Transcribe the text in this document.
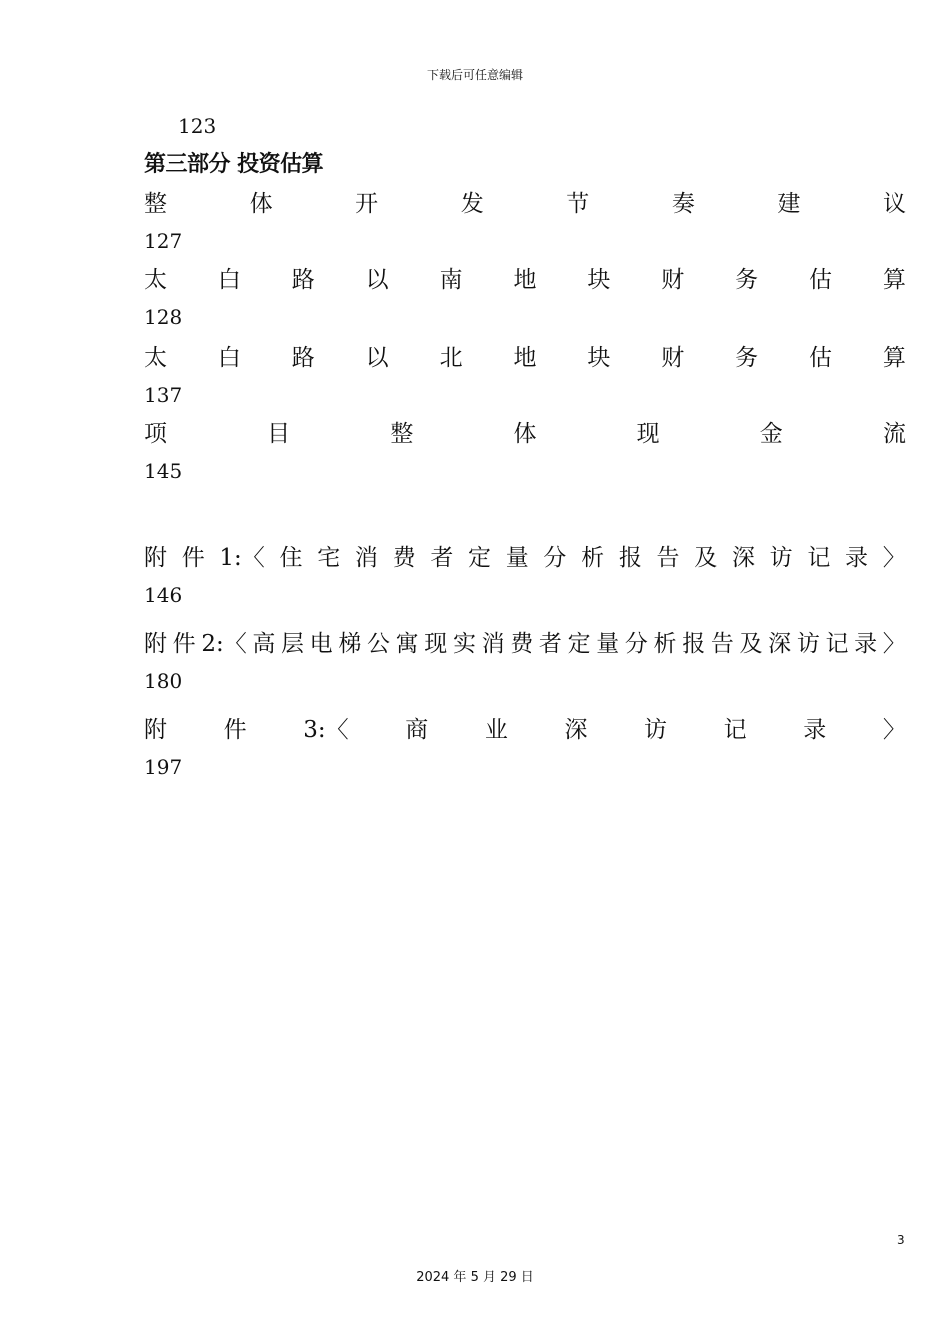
下载后可任意编辑
123
第三部分 投资估算
整	体	开	发	节	奏	建	议
127
太 白 路 以 南 地 块 财 务 估 算
128
太 白 路 以 北 地 块 财 务 估 算
137
项	目	整	体	现	金	流
145
附 件 1:〈 住 宅 消 费 者 定 量 分 析 报 告 及 深 访 记 录 〉
146
附 件 2:〈 高 层 电 梯 公 寓 现 实 消 费 者 定 量 分 析 报 告 及 深 访 记 录 〉
180
附 件 3:〈 商 业 深 访 记 录 〉
197
3
2024 年 5 月 29 日
